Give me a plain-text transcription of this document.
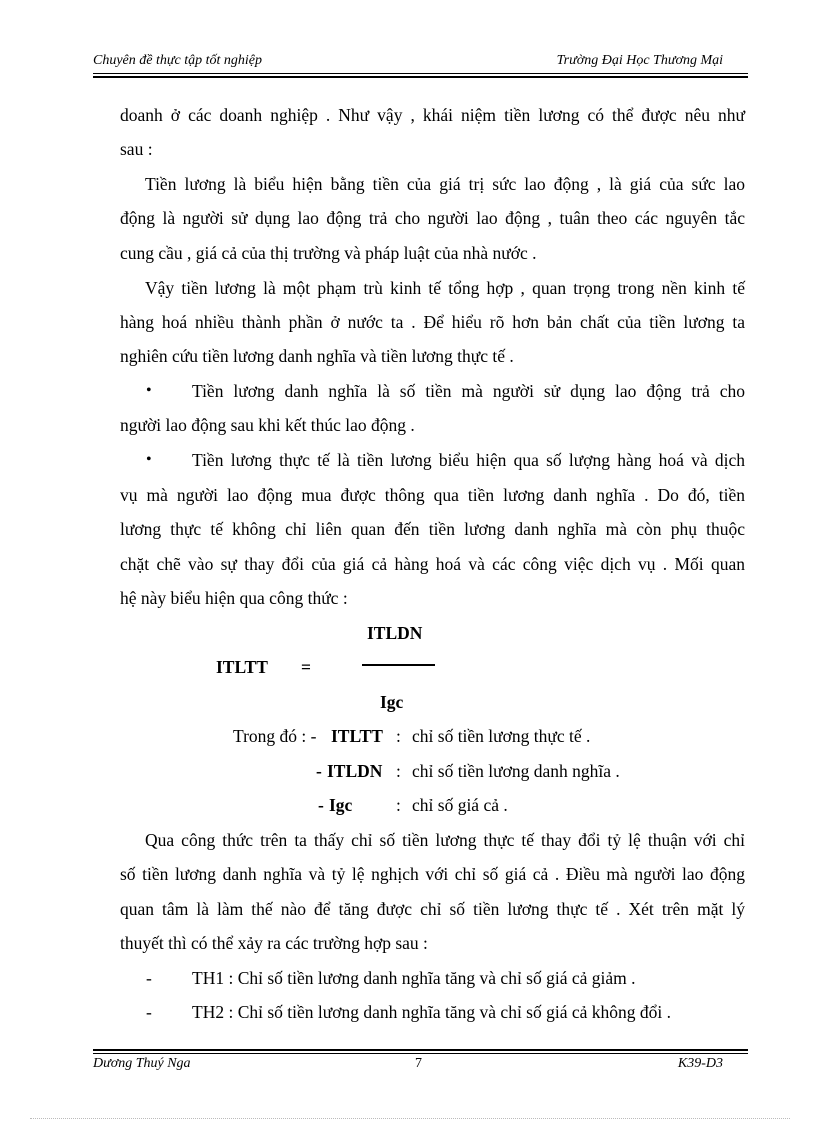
Chuyên đề thực tập tốt nghiệp	Trường Đại Học Thương Mại
doanh ở các doanh nghiệp . Như vậy , khái niệm tiền lương có thể được nêu như
sau :
Tiền lương là biểu hiện bằng tiền của giá trị sức lao động , là giá của sức lao
động là người sử dụng lao động trả cho người lao động , tuân theo các nguyên tắc
cung cầu , giá cả của thị trường và pháp luật của nhà nước .
Vậy tiền lương là một phạm trù kinh tế tổng hợp , quan trọng trong nền kinh tế
hàng hoá nhiều thành phần ở nước ta . Để hiểu rõ hơn bản chất của tiền lương ta
nghiên cứu tiền lương danh nghĩa và tiền lương thực tế .
• Tiền lương danh nghĩa là số tiền mà người sử dụng lao động trả cho
người lao động sau khi kết thúc lao động .
• Tiền lương thực tế là tiền lương biểu hiện qua số lượng hàng hoá và dịch
vụ mà người lao động mua được thông qua tiền lương danh nghĩa . Do đó, tiền
lương thực tế không chỉ liên quan đến tiền lương danh nghĩa mà còn phụ thuộc
chặt chẽ vào sự thay đổi của giá cả hàng hoá và các công việc dịch vụ . Mối quan
hệ này biểu hiện qua công thức :
ITLDN
ITLTT =
Igc
Trong đó : - ITLTT : chỉ số tiền lương thực tế .
- ITLDN : chỉ số tiền lương danh nghĩa .
- Igc : chỉ số giá cả .
Qua công thức trên ta thấy chỉ số tiền lương thực tế thay đổi tỷ lệ thuận với chỉ
số tiền lương danh nghĩa và tỷ lệ nghịch với chỉ số giá cả . Điều mà người lao động
quan tâm là làm thế nào để tăng được chỉ số tiền lương thực tế . Xét trên mặt lý
thuyết thì có thể xảy ra các trường hợp sau :
- TH1 : Chỉ số tiền lương danh nghĩa tăng và chỉ số giá cả giảm .
- TH2 : Chỉ số tiền lương danh nghĩa tăng và chỉ số giá cả không đổi .
Dương Thuý Nga	7	K39-D3
